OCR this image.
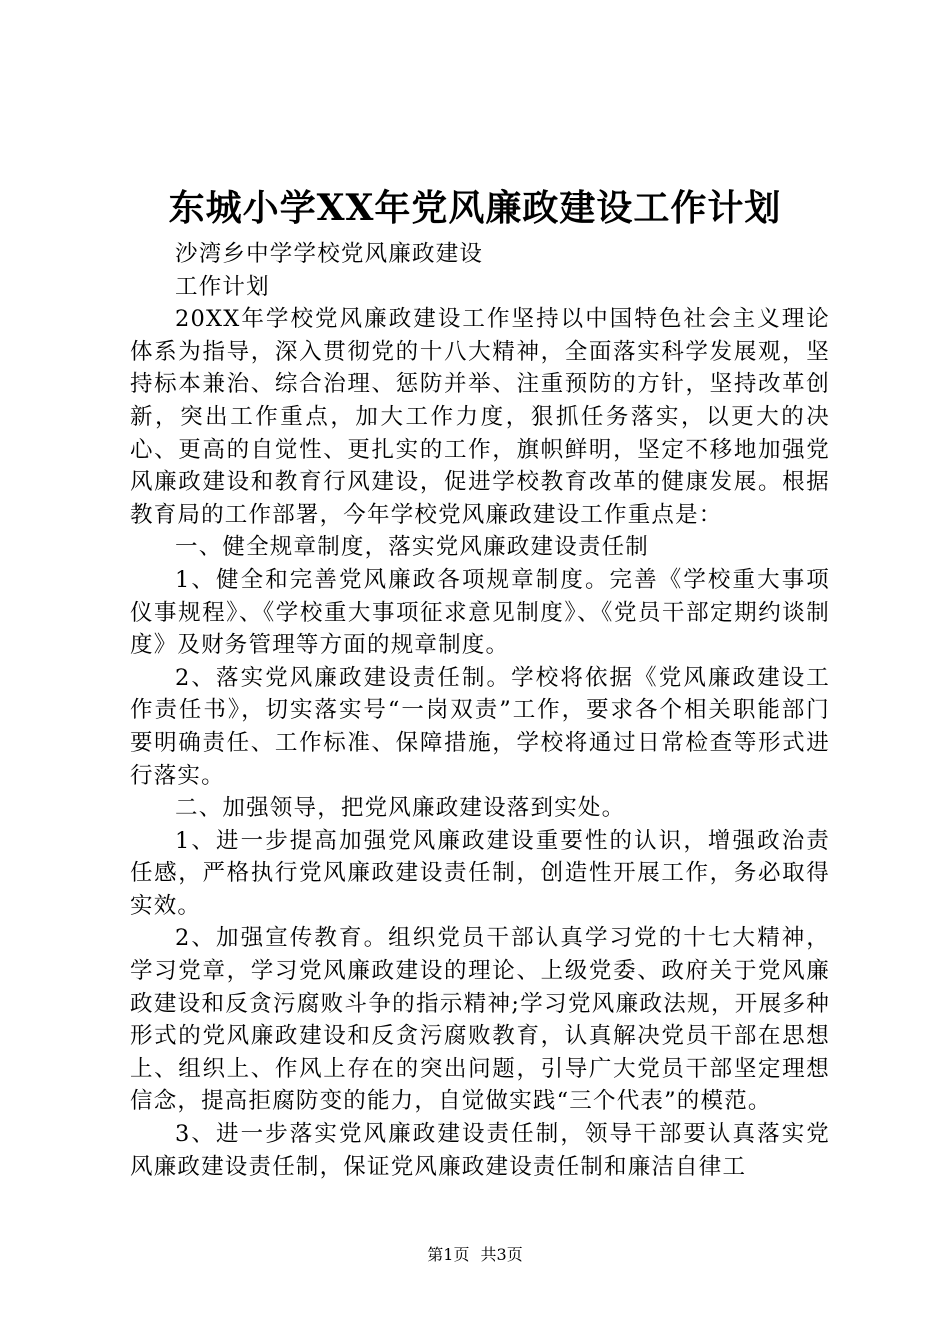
东城小学XX年党风廉政建设工作计划

沙湾乡中学学校党风廉政建设

工作计划

20XX年学校党风廉政建设工作坚持以中国特色社会主义理论体系为指导，深入贯彻党的十八大精神，全面落实科学发展观，坚持标本兼治、综合治理、惩防并举、注重预防的方针，坚持改革创新，突出工作重点，加大工作力度，狠抓任务落实，以更大的决心、更高的自觉性、更扎实的工作，旗帜鲜明，坚定不移地加强党风廉政建设和教育行风建设，促进学校教育改革的健康发展。根据教育局的工作部署，今年学校党风廉政建设工作重点是：

一、健全规章制度，落实党风廉政建设责任制

1、健全和完善党风廉政各项规章制度。完善《学校重大事项仪事规程》、《学校重大事项征求意见制度》、《党员干部定期约谈制度》及财务管理等方面的规章制度。

2、落实党风廉政建设责任制。学校将依据《党风廉政建设工作责任书》，切实落实号“一岗双责”工作，要求各个相关职能部门要明确责任、工作标准、保障措施，学校将通过日常检查等形式进行落实。

二、加强领导，把党风廉政建设落到实处。

1、进一步提高加强党风廉政建设重要性的认识，增强政治责任感，严格执行党风廉政建设责任制，创造性开展工作，务必取得实效。

2、加强宣传教育。组织党员干部认真学习党的十七大精神，学习党章，学习党风廉政建设的理论、上级党委、政府关于党风廉政建设和反贪污腐败斗争的指示精神;学习党风廉政法规，开展多种形式的党风廉政建设和反贪污腐败教育，认真解决党员干部在思想上、组织上、作风上存在的突出问题，引导广大党员干部坚定理想信念，提高拒腐防变的能力，自觉做实践“三个代表”的模范。

3、进一步落实党风廉政建设责任制，领导干部要认真落实党风廉政建设责任制，保证党风廉政建设责任制和廉洁自律工

第1页 共3页
